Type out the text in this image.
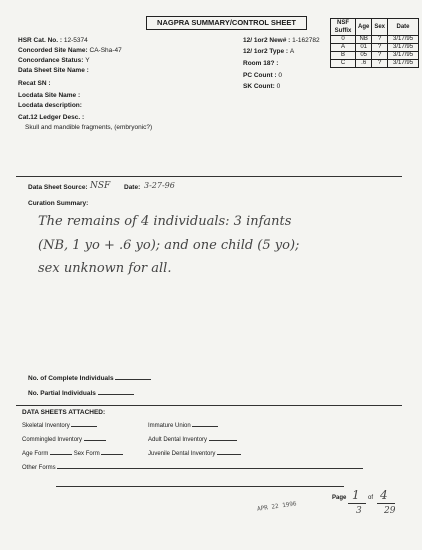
NAGPRA SUMMARY/CONTROL SHEET
HSR Cat. No. : 12-5374
Concorded Site Name: CA-Sha-47
Concordance Status: Y
Data Sheet Site Name :
Recat SN :
Locdata Site Name :
Locdata description:
12/ 1or2 New# : 1-162782
12/ 1or2 Type : A
Room 18? :
PC Count : 0
SK Count: 0
NSF Suffix	Age	Sex	Date
0	NB	?	3/17/95
A	01	?	3/17/95
B	05	?	3/17/95
C	.6	?	3/17/95
Cat.12 Ledger Desc. :
Skull and mandible fragments, (embryonic?)
Data Sheet Source: NSF Date: 3-27-96
Curation Summary:
The remains of 4 individuals: 3 infants
(NB, 1 yo + .6 yo); and one child (5 yo);
sex unknown for all.
No. of Complete Individuals
No. Partial Individuals
DATA SHEETS ATTACHED:
Skeletal Inventory
Commingled Inventory
Age Form	Sex Form
Other Forms
Immature Union
Adult Dental Inventory
Juvenile Dental Inventory
APR 22 1996
Page 1 of 4
3 29
